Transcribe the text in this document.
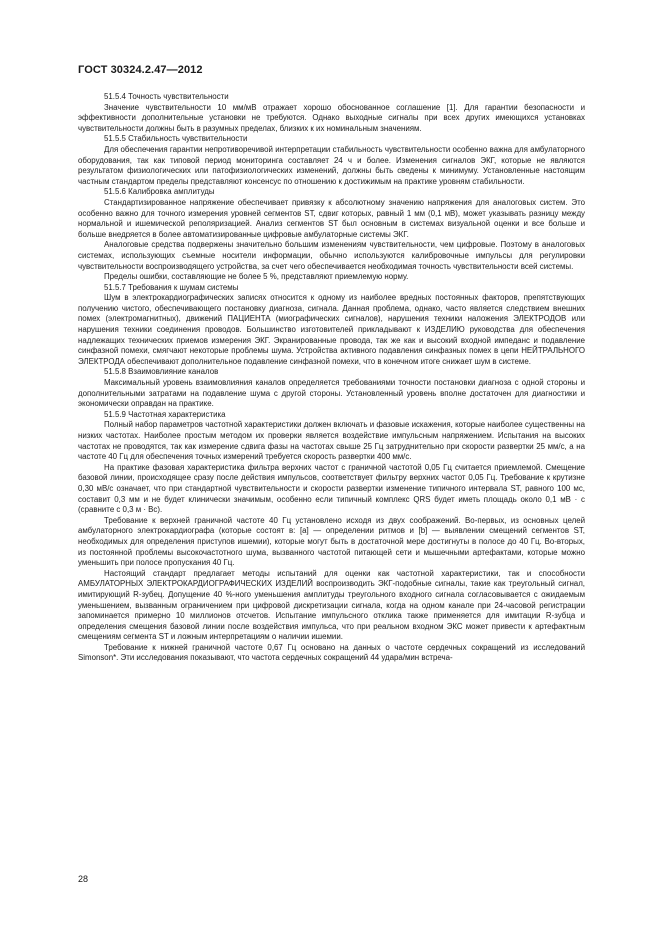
ГОСТ 30324.2.47—2012

51.5.4 Точность чувствительности

Значение чувствительности 10 мм/мВ отражает хорошо обоснованное соглашение [1]. Для гарантии безопасности и эффективности дополнительные установки не требуются. Однако выходные сигналы при всех других имеющихся установках чувствительности должны быть в разумных пределах, близких к их номинальным значениям.

51.5.5 Стабильность чувствительности

Для обеспечения гарантии непротиворечивой интерпретации стабильность чувствительности особенно важна для амбулаторного оборудования, так как типовой период мониторинга составляет 24 ч и более. Изменения сигналов ЭКГ, которые не являются результатом физиологических или патофизиологических изменений, должны быть сведены к минимуму. Установленные настоящим частным стандартом пределы представляют консенсус по отношению к достижимым на практике уровням стабильности.

51.5.6 Калибровка амплитуды

Стандартизированное напряжение обеспечивает привязку к абсолютному значению напряжения для аналоговых систем. Это особенно важно для точного измерения уровней сегментов ST, сдвиг которых, равный 1 мм (0,1 мВ), может указывать разницу между нормальной и ишемической реполяризацией. Анализ сегментов ST был основным в системах визуальной оценки и все больше и больше внедряется в более автоматизированные цифровые амбулаторные системы ЭКГ.

Аналоговые средства подвержены значительно большим изменениям чувствительности, чем цифровые. Поэтому в аналоговых системах, использующих съемные носители информации, обычно используются калибровочные импульсы для регулировки чувствительности воспроизводящего устройства, за счет чего обеспечивается необходимая точность чувствительности всей системы.

Пределы ошибки, составляющие не более 5 %, представляют приемлемую норму.

51.5.7 Требования к шумам системы

Шум в электрокардиографических записях относится к одному из наиболее вредных постоянных факторов, препятствующих получению чистого, обеспечивающего постановку диагноза, сигнала. Данная проблема, однако, часто является следствием внешних помех (электромагнитных), движений ПАЦИЕНТА (миографических сигналов), нарушения техники наложения ЭЛЕКТРОДОВ или нарушения техники соединения проводов. Большинство изготовителей прикладывают к ИЗДЕЛИЮ руководства для обеспечения надлежащих технических приемов измерения ЭКГ. Экранированные провода, так же как и высокий входной импеданс и подавление синфазной помехи, смягчают некоторые проблемы шума. Устройства активного подавления синфазных помех в цепи НЕЙТРАЛЬНОГО ЭЛЕКТРОДА обеспечивают дополнительное подавление синфазной помехи, что в конечном итоге снижает шум в системе.

51.5.8 Взаимовлияние каналов

Максимальный уровень взаимовлияния каналов определяется требованиями точности постановки диагноза с одной стороны и дополнительными затратами на подавление шума с другой стороны. Установленный уровень вполне достаточен для диагностики и экономически оправдан на практике.

51.5.9 Частотная характеристика

Полный набор параметров частотной характеристики должен включать и фазовые искажения, которые наиболее существенны на низких частотах. Наиболее простым методом их проверки является воздействие импульсным напряжением. Испытания на высоких частотах не проводятся, так как измерение сдвига фазы на частотах свыше 25 Гц затруднительно при скорости развертки 25 мм/с, а на частоте 40 Гц для обеспечения точных измерений требуется скорость развертки 400 мм/с.

На практике фазовая характеристика фильтра верхних частот с граничной частотой 0,05 Гц считается приемлемой. Смещение базовой линии, происходящее сразу после действия импульсов, соответствует фильтру верхних частот 0,05 Гц. Требование к крутизне 0,30 мВ/с означает, что при стандартной чувствительности и скорости развертки изменение типичного интервала ST, равного 100 мс, составит 0,3 мм и не будет клинически значимым, особенно если типичный комплекс QRS будет иметь площадь около 0,1 мВ · с (сравните с 0,3 м · Вс).

Требование к верхней граничной частоте 40 Гц установлено исходя из двух соображений. Во-первых, из основных целей амбулаторного электрокардиографа (которые состоят в: [a] — определении ритмов и [b] — выявлении смещений сегментов ST, необходимых для определения приступов ишемии), которые могут быть в достаточной мере достигнуты в полосе до 40 Гц. Во-вторых, из постоянной проблемы высокочастотного шума, вызванного частотой питающей сети и мышечными артефактами, которые можно уменьшить при полосе пропускания 40 Гц.

Настоящий стандарт предлагает методы испытаний для оценки как частотной характеристики, так и способности АМБУЛАТОРНЫХ ЭЛЕКТРОКАРДИОГРАФИЧЕСКИХ ИЗДЕЛИЙ воспроизводить ЭКГ-подобные сигналы, такие как треугольный сигнал, имитирующий R-зубец. Допущение 40 %-ного уменьшения амплитуды треугольного входного сигнала согласовывается с ожидаемым уменьшением, вызванным ограничением при цифровой дискретизации сигнала, когда на одном канале при 24-часовой регистрации запоминается примерно 10 миллионов отсчетов. Испытание импульсного отклика также применяется для имитации R-зубца и определения смещения базовой линии после воздействия импульса, что при реальном входном ЭКС может привести к артефактным смещениям сегмента ST и ложным интерпретациям о наличии ишемии.

Требование к нижней граничной частоте 0,67 Гц основано на данных о частоте сердечных сокращений из исследований Simonson*. Эти исследования показывают, что частота сердечных сокращений 44 удара/мин встреча-

28
